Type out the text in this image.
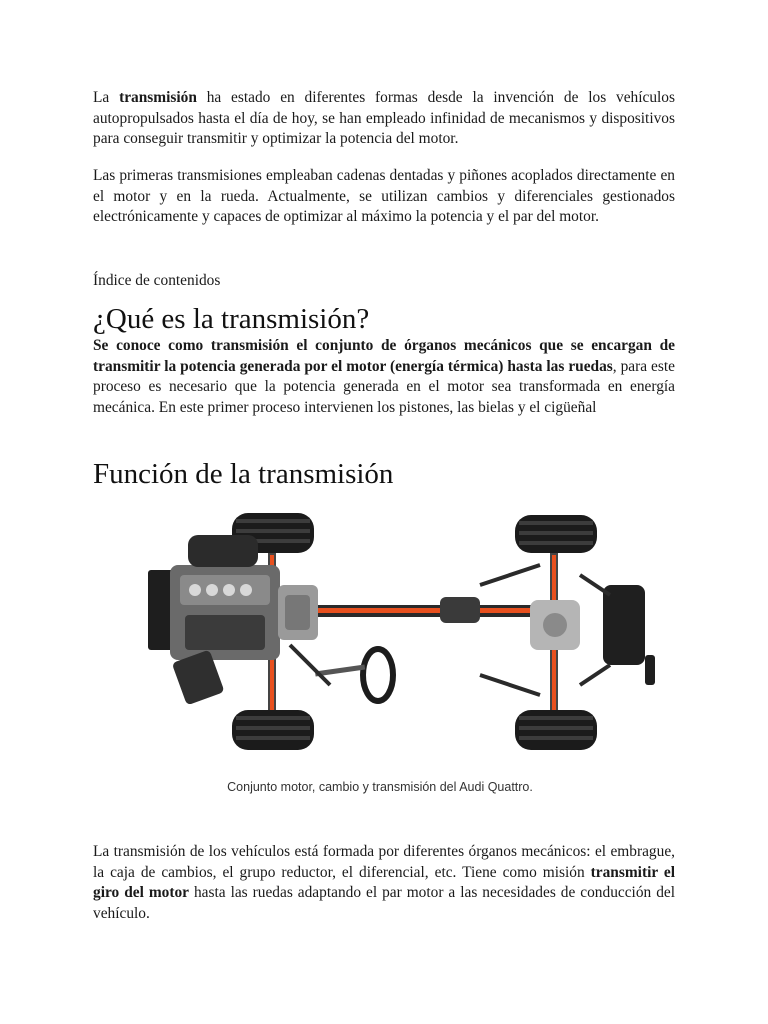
La transmisión ha estado en diferentes formas desde la invención de los vehículos autopropulsados hasta el día de hoy, se han empleado infinidad de mecanismos y dispositivos para conseguir transmitir y optimizar la potencia del motor.

Las primeras transmisiones empleaban cadenas dentadas y piñones acoplados directamente en el motor y en la rueda. Actualmente, se utilizan cambios y diferenciales gestionados electrónicamente y capaces de optimizar al máximo la potencia y el par del motor.

Índice de contenidos

¿Qué es la transmisión?

Se conoce como transmisión el conjunto de órganos mecánicos que se encargan de transmitir la potencia generada por el motor (energía térmica) hasta las ruedas, para este proceso es necesario que la potencia generada en el motor sea transformada en energía mecánica. En este primer proceso intervienen los pistones, las bielas y el cigüeñal

Función de la transmisión
Conjunto motor, cambio y transmisión del Audi Quattro.

La transmisión de los vehículos está formada por diferentes órganos mecánicos: el embrague, la caja de cambios, el grupo reductor, el diferencial, etc. Tiene como misión transmitir el giro del motor hasta las ruedas adaptando el par motor a las necesidades de conducción del vehículo.
